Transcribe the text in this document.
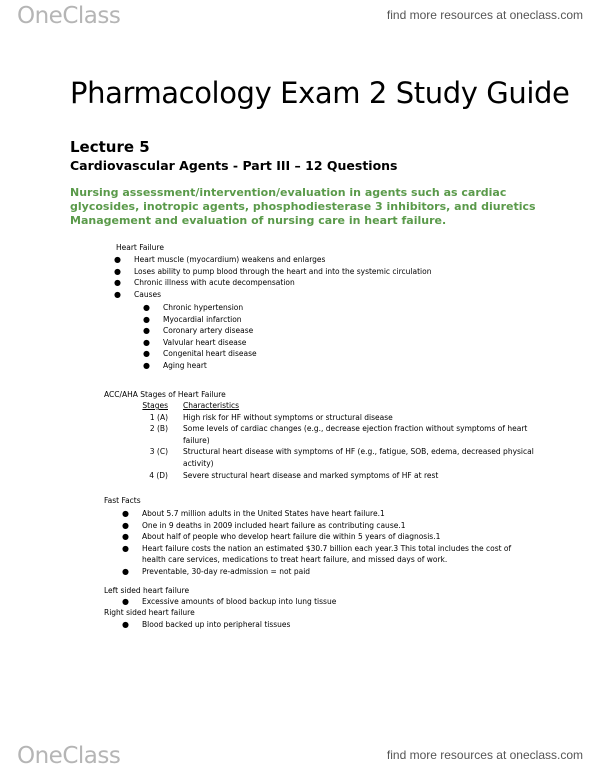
OneClass	find more resources at oneclass.com
Pharmacology Exam 2 Study Guide
Lecture 5
Cardiovascular Agents - Part III – 12 Questions
Nursing assessment/intervention/evaluation in agents such as cardiac glycosides, inotropic agents, phosphodiesterase 3 inhibitors, and diuretics
Management and evaluation of nursing care in heart failure.
Heart Failure
● Heart muscle (myocardium) weakens and enlarges
● Loses ability to pump blood through the heart and into the systemic circulation
● Chronic illness with acute decompensation
● Causes
● Chronic hypertension
● Myocardial infarction
● Coronary artery disease
● Valvular heart disease
● Congenital heart disease
● Aging heart
ACC/AHA Stages of Heart Failure
Stages Characteristics
1 (A) High risk for HF without symptoms or structural disease
2 (B) Some levels of cardiac changes (e.g., decrease ejection fraction without symptoms of heart failure)
3 (C) Structural heart disease with symptoms of HF (e.g., fatigue, SOB, edema, decreased physical activity)
4 (D) Severe structural heart disease and marked symptoms of HF at rest
Fast Facts
● About 5.7 million adults in the United States have heart failure.1
● One in 9 deaths in 2009 included heart failure as contributing cause.1
● About half of people who develop heart failure die within 5 years of diagnosis.1
● Heart failure costs the nation an estimated $30.7 billion each year.3 This total includes the cost of health care services, medications to treat heart failure, and missed days of work.
● Preventable, 30-day re-admission = not paid
Left sided heart failure
● Excessive amounts of blood backup into lung tissue
Right sided heart failure
● Blood backed up into peripheral tissues
OneClass	find more resources at oneclass.com
